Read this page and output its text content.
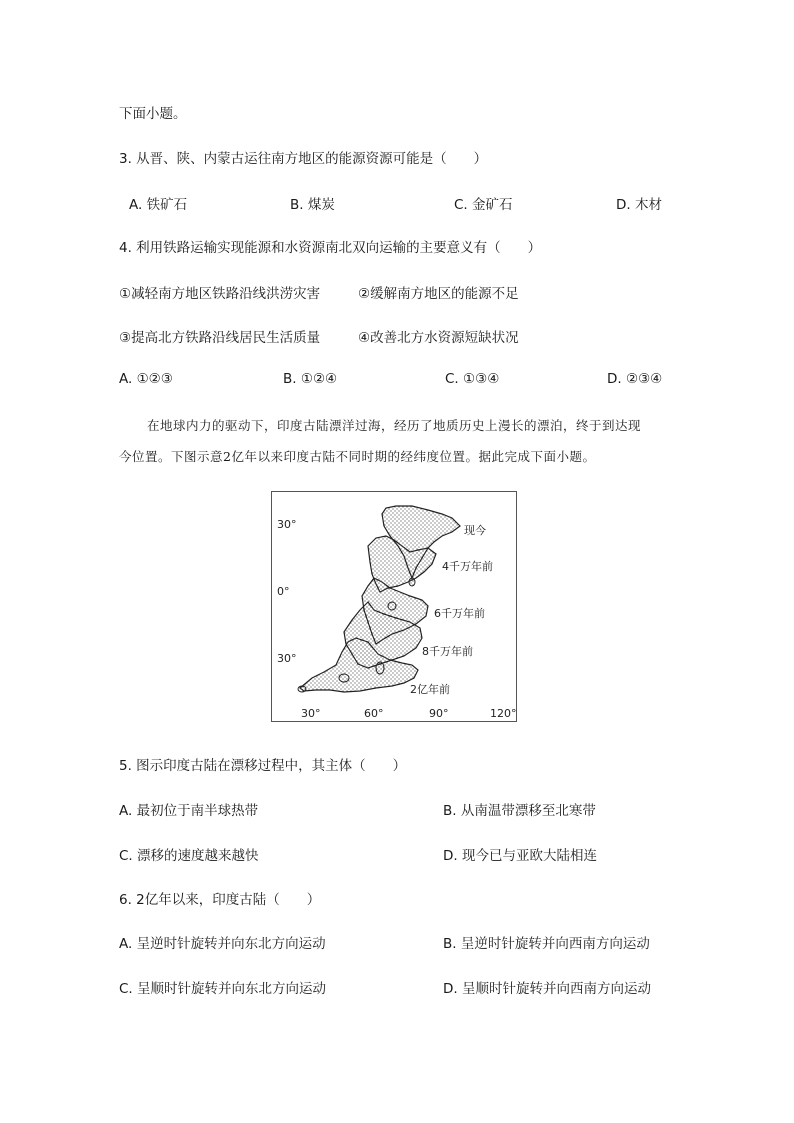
下面小题。
3. 从晋、陕、内蒙古运往南方地区的能源资源可能是（　　）
A. 铁矿石	B. 煤炭	C. 金矿石	D. 木材
4. 利用铁路运输实现能源和水资源南北双向运输的主要意义有（　　）
①减轻南方地区铁路沿线洪涝灾害	②缓解南方地区的能源不足
③提高北方铁路沿线居民生活质量	④改善北方水资源短缺状况
A. ①②③	B. ①②④	C. ①③④	D. ②③④
在地球内力的驱动下，印度古陆漂洋过海，经历了地质历史上漫长的漂泊，终于到达现
今位置。下图示意2亿年以来印度古陆不同时期的经纬度位置。据此完成下面小题。
30°
0°
30°
30°	60°	90°	120°
现今
4千万年前
6千万年前
8千万年前
2亿年前
5. 图示印度古陆在漂移过程中，其主体（　　）
A. 最初位于南半球热带	B. 从南温带漂移至北寒带
C. 漂移的速度越来越快	D. 现今已与亚欧大陆相连
6. 2亿年以来，印度古陆（　　）
A. 呈逆时针旋转并向东北方向运动	B. 呈逆时针旋转并向西南方向运动
C. 呈顺时针旋转并向东北方向运动	D. 呈顺时针旋转并向西南方向运动
